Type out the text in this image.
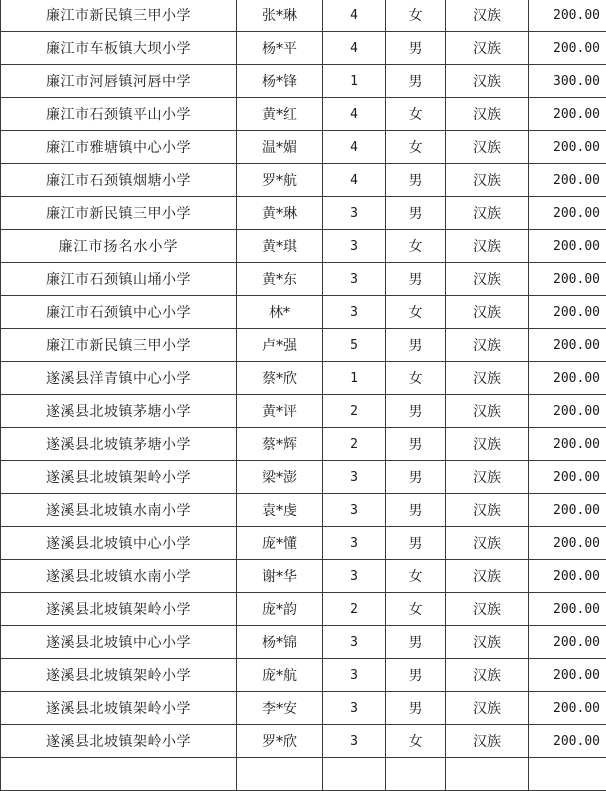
廉江市新民镇三甲小学	张*琳	4	女	汉族	200.00
廉江市车板镇大坝小学	杨*平	4	男	汉族	200.00
廉江市河唇镇河唇中学	杨*锋	1	男	汉族	300.00
廉江市石颈镇平山小学	黄*红	4	女	汉族	200.00
廉江市雅塘镇中心小学	温*媚	4	女	汉族	200.00
廉江市石颈镇烟塘小学	罗*航	4	男	汉族	200.00
廉江市新民镇三甲小学	黄*琳	3	男	汉族	200.00
廉江市扬名水小学	黄*琪	3	女	汉族	200.00
廉江市石颈镇山埇小学	黄*东	3	男	汉族	200.00
廉江市石颈镇中心小学	林*	3	女	汉族	200.00
廉江市新民镇三甲小学	卢*强	5	男	汉族	200.00
遂溪县洋青镇中心小学	蔡*欣	1	女	汉族	200.00
遂溪县北坡镇茅塘小学	黄*评	2	男	汉族	200.00
遂溪县北坡镇茅塘小学	蔡*辉	2	男	汉族	200.00
遂溪县北坡镇架岭小学	梁*澎	3	男	汉族	200.00
遂溪县北坡镇水南小学	袁*虔	3	男	汉族	200.00
遂溪县北坡镇中心小学	庞*懂	3	男	汉族	200.00
遂溪县北坡镇水南小学	谢*华	3	女	汉族	200.00
遂溪县北坡镇架岭小学	庞*韵	2	女	汉族	200.00
遂溪县北坡镇中心小学	杨*锦	3	男	汉族	200.00
遂溪县北坡镇架岭小学	庞*航	3	男	汉族	200.00
遂溪县北坡镇架岭小学	李*安	3	男	汉族	200.00
遂溪县北坡镇架岭小学	罗*欣	3	女	汉族	200.00
